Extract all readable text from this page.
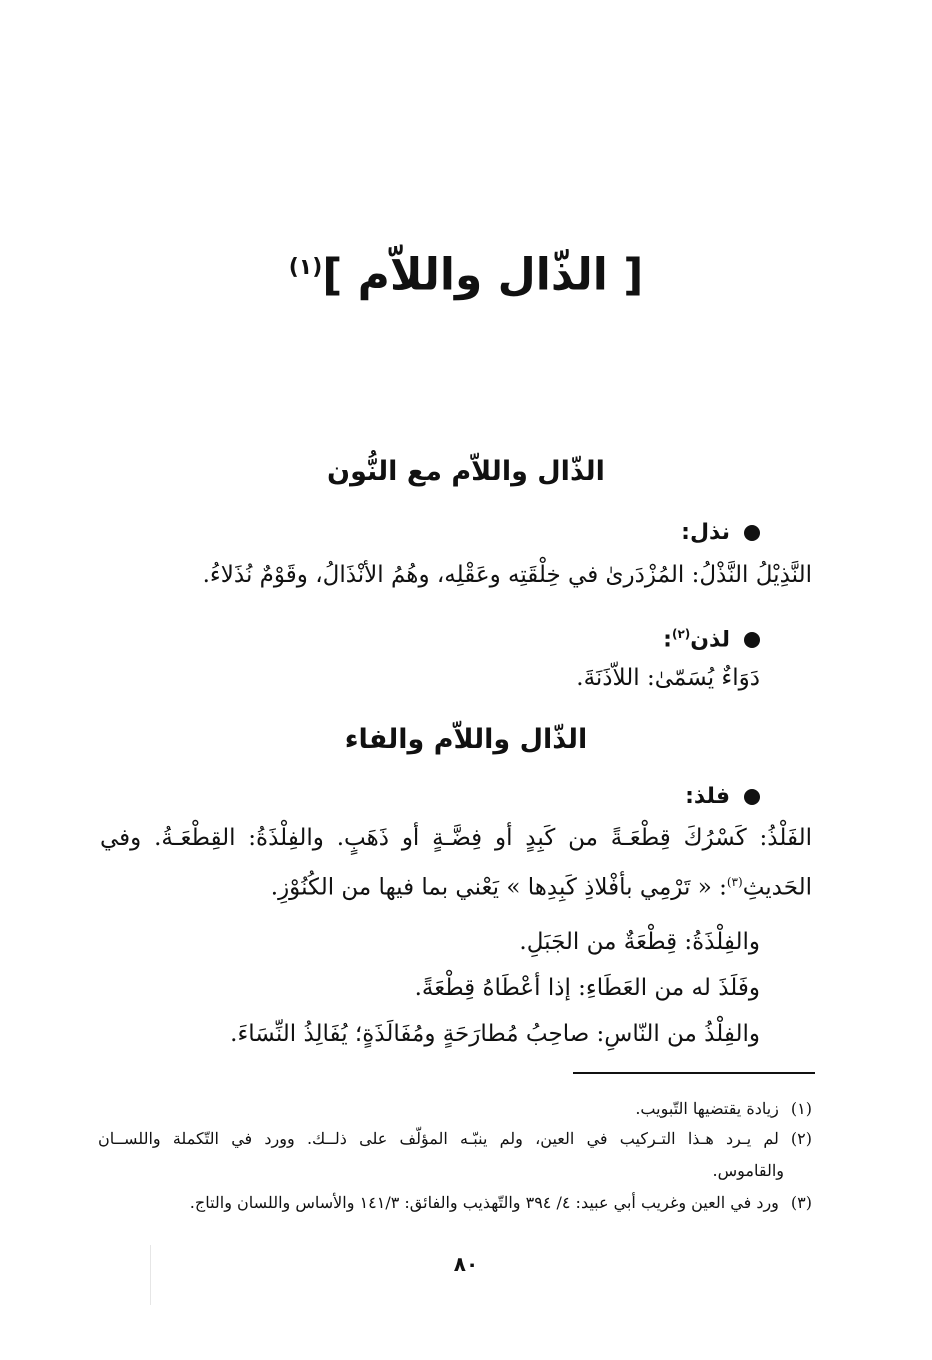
[ الذّال واللاّم ]$^{(١)}$
الذّال واللاّم مع النُّون
نذل:
النَّذِيْلُ النَّذْلُ: المُزْدَرىٰ في خِلْقَتِه وعَقْلِه، وهُمُ الأنْذَالُ، وقَوْمٌ نُذَلاءُ.
لذن$^{(٢)}$:
دَوَاءٌ يُسَمّىٰ: اللاّذَنَةَ.
الذّال واللاّم والفاء
فلذ:
الفَلْذُ: كَسْرُكَ قِطْعَـةً من كَبِدٍ أو فِضَّـةٍ أو ذَهَبٍ. والفِلْذَةُ: القِطْعَـةُ. وفي
الحَديثِ$^{(٣)}$: « تَرْمِي بأفْلاذِ كَبِدِها » يَعْني بما فيها من الكُنُوْزِ.
والفِلْذَةُ: قِطْعَةٌ من الجَبَلِ.
وفَلَذَ له من العَطَاءِ: إذا أعْطَاهُ قِطْعَةً.
والفِلْذُ من النّاسِ: صاحِبُ مُطارَحَةٍ ومُفَالَذَةٍ؛ يُفَالِذُ النِّسَاءَ.
(١)زيادة يقتضيها التّبويب.
(٢)لم يـرد هـذا التـركيب في العين، ولم ينبّـه المؤلّف على ذلــك. وورد في التّكملة واللســان
والقاموس.
(٣)ورد في العين وغريب أبي عبيد: ٤/ ٣٩٤ والتّهذيب والفائق: ١٤١/٣ والأساس واللسان والتاج.
٨٠
